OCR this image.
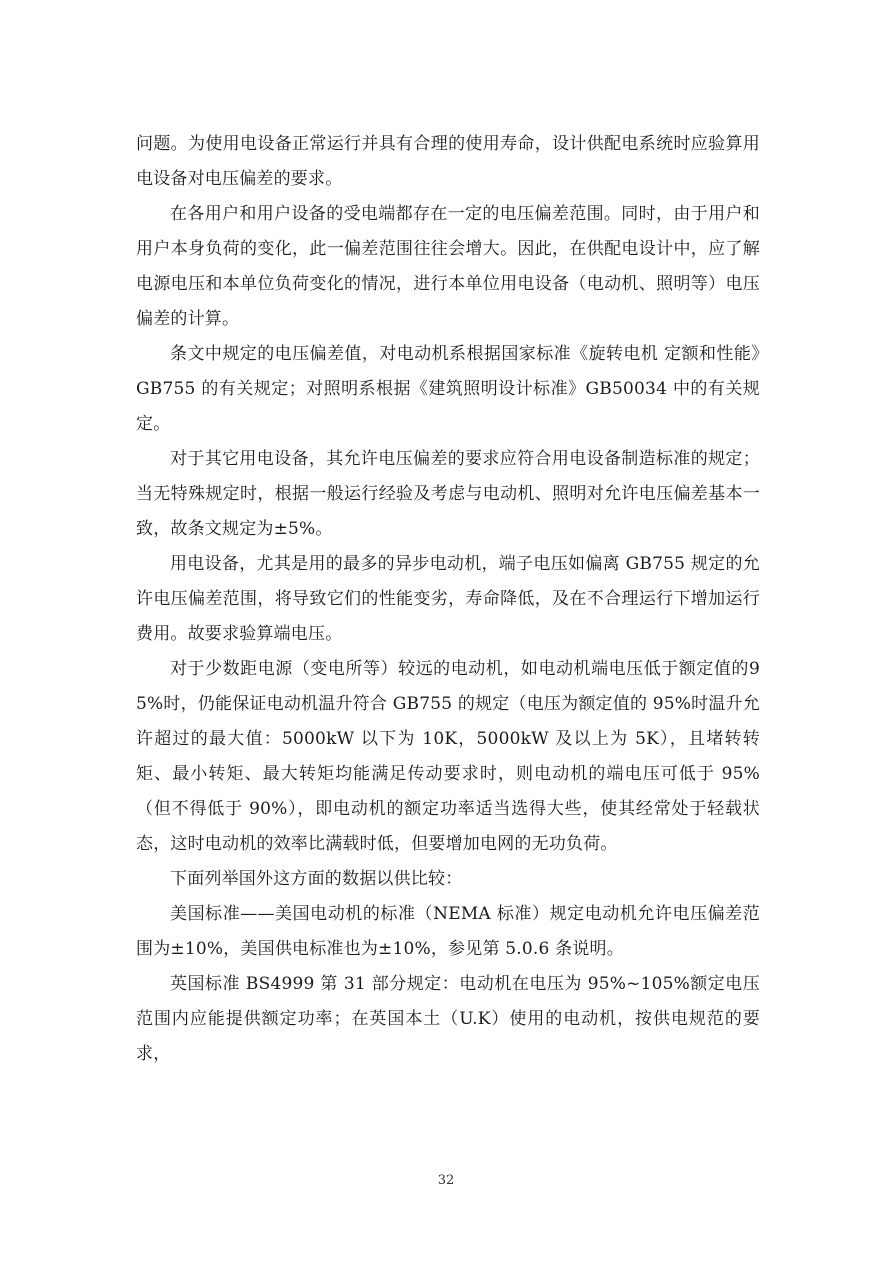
问题。为使用电设备正常运行并具有合理的使用寿命，设计供配电系统时应验算用电设备对电压偏差的要求。

在各用户和用户设备的受电端都存在一定的电压偏差范围。同时，由于用户和用户本身负荷的变化，此一偏差范围往往会增大。因此，在供配电设计中，应了解电源电压和本单位负荷变化的情况，进行本单位用电设备（电动机、照明等）电压偏差的计算。

条文中规定的电压偏差值，对电动机系根据国家标准《旋转电机 定额和性能》GB755 的有关规定；对照明系根据《建筑照明设计标准》GB50034 中的有关规定。

对于其它用电设备，其允许电压偏差的要求应符合用电设备制造标准的规定；当无特殊规定时，根据一般运行经验及考虑与电动机、照明对允许电压偏差基本一致，故条文规定为±5%。

用电设备，尤其是用的最多的异步电动机，端子电压如偏离 GB755 规定的允许电压偏差范围，将导致它们的性能变劣，寿命降低，及在不合理运行下增加运行费用。故要求验算端电压。

对于少数距电源（变电所等）较远的电动机，如电动机端电压低于额定值的95%时，仍能保证电动机温升符合 GB755 的规定（电压为额定值的 95%时温升允许超过的最大值：5000kW 以下为 10K，5000kW 及以上为 5K），且堵转转矩、最小转矩、最大转矩均能满足传动要求时，则电动机的端电压可低于 95%（但不得低于 90%），即电动机的额定功率适当选得大些，使其经常处于轻载状态，这时电动机的效率比满载时低，但要增加电网的无功负荷。

下面列举国外这方面的数据以供比较：

美国标准——美国电动机的标准（NEMA 标准）规定电动机允许电压偏差范围为±10%，美国供电标准也为±10%，参见第 5.0.6 条说明。

英国标准 BS4999 第 31 部分规定：电动机在电压为 95%~105%额定电压范围内应能提供额定功率；在英国本土（U.K）使用的电动机，按供电规范的要求，

32
